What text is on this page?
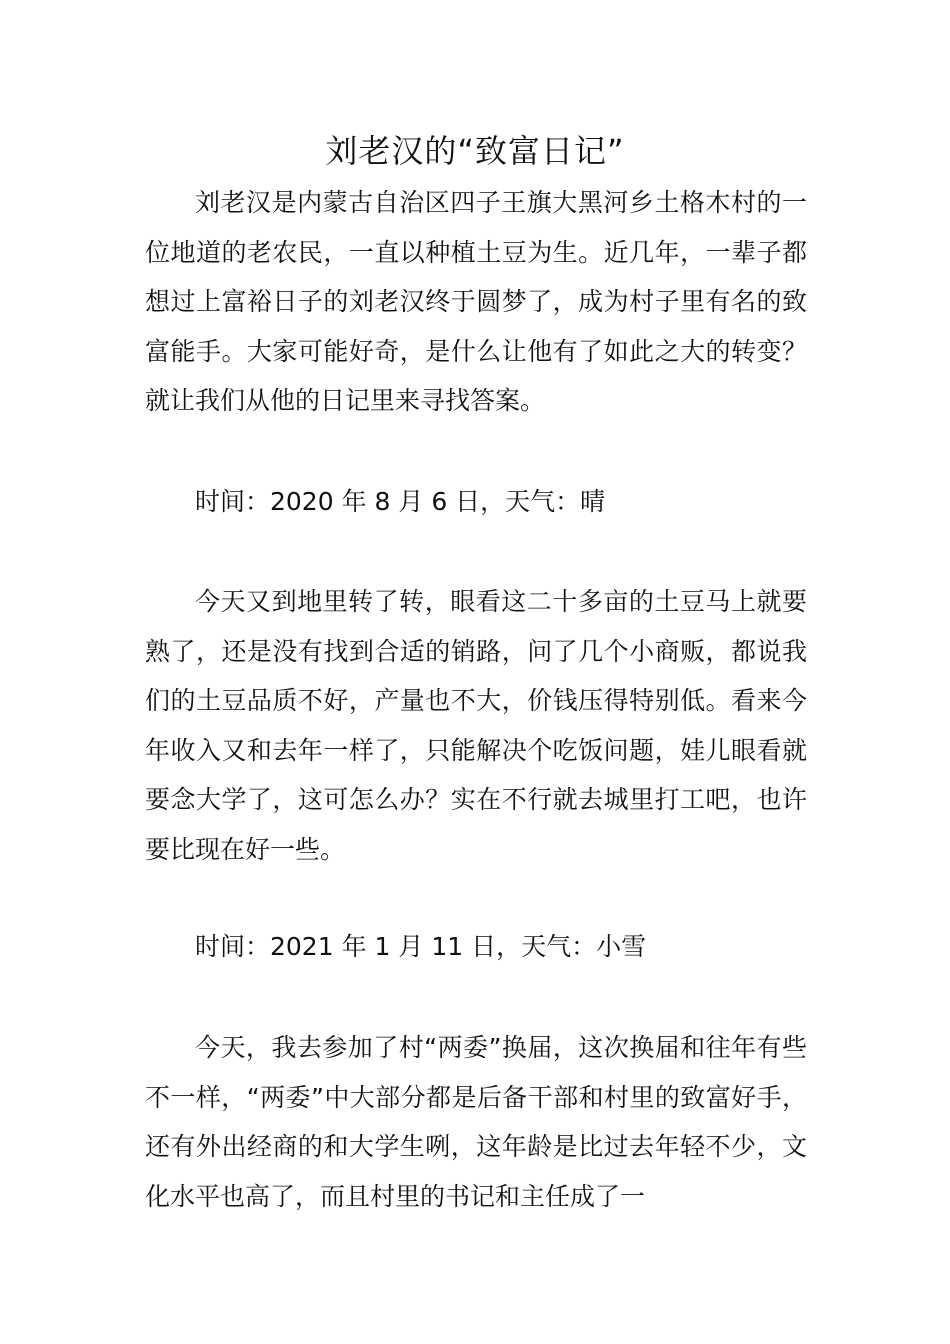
刘老汉的“致富日记”

刘老汉是内蒙古自治区四子王旗大黑河乡土格木村的一位地道的老农民，一直以种植土豆为生。近几年，一辈子都想过上富裕日子的刘老汉终于圆梦了，成为村子里有名的致富能手。大家可能好奇，是什么让他有了如此之大的转变？就让我们从他的日记里来寻找答案。

时间：2020 年 8 月 6 日，天气：晴

今天又到地里转了转，眼看这二十多亩的土豆马上就要熟了，还是没有找到合适的销路，问了几个小商贩，都说我们的土豆品质不好，产量也不大，价钱压得特别低。看来今年收入又和去年一样了，只能解决个吃饭问题，娃儿眼看就要念大学了，这可怎么办？实在不行就去城里打工吧，也许要比现在好一些。

时间：2021 年 1 月 11 日，天气：小雪

今天，我去参加了村“两委”换届，这次换届和往年有些不一样，“两委”中大部分都是后备干部和村里的致富好手，还有外出经商的和大学生咧，这年龄是比过去年轻不少，文化水平也高了，而且村里的书记和主任成了一
